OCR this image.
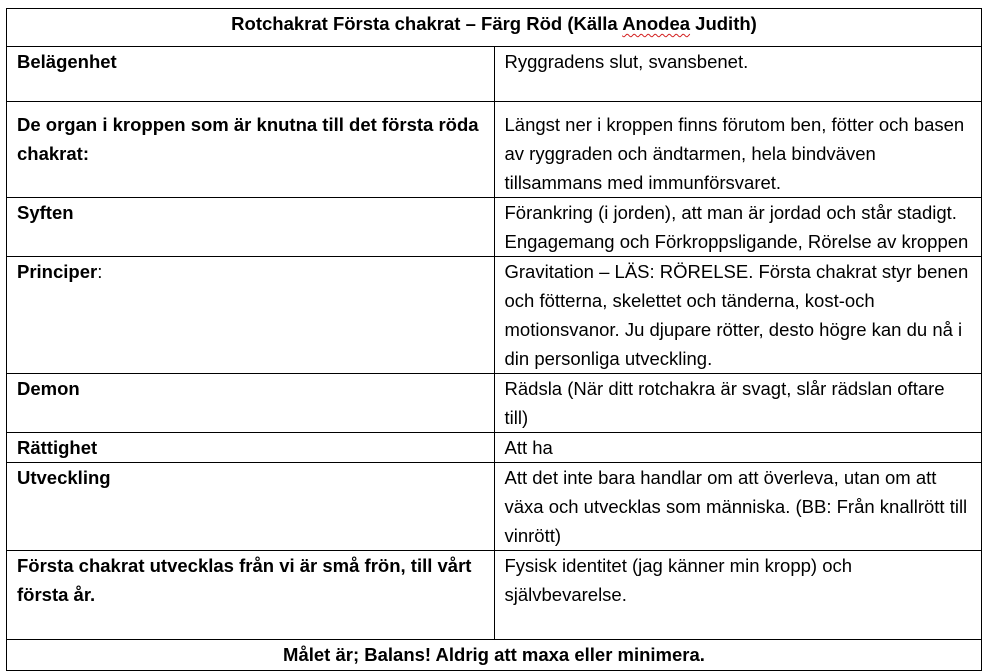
Rotchakrat Första chakrat – Färg Röd (Källa Anodea Judith)	
Belägenhet	Ryggradens slut, svansbenet.
De organ i kroppen som är knutna till det första röda chakrat:	Längst ner i kroppen finns förutom ben, fötter och basen av ryggraden och ändtarmen, hela bindväven tillsammans med immunförsvaret.
Syften	Förankring (i jorden), att man är jordad och står stadigt.
Engagemang och Förkroppsligande, Rörelse av kroppen

Principer:	Gravitation – LÄS: RÖRELSE. Första chakrat styr benen och fötterna, skelettet och tänderna, kost-och motionsvanor. Ju djupare rötter, desto högre kan du nå i din personliga utveckling.
Demon	Rädsla (När ditt rotchakra är svagt, slår rädslan oftare till)
Rättighet	Att ha
Utveckling	Att det inte bara handlar om att överleva, utan om att växa och utvecklas som människa. (BB: Från knallrött till vinrött)
Första chakrat utvecklas från vi är små frön, till vårt första år.	Fysisk identitet (jag känner min kropp) och självbevarelse.
Målet är; Balans! Aldrig att maxa eller minimera.	
